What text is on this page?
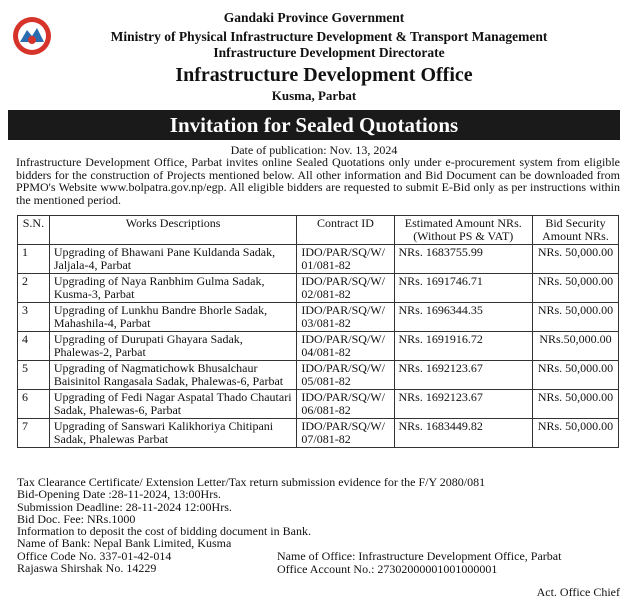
Gandaki Province Government
Ministry of Physical Infrastructure Development & Transport Management
Infrastructure Development Directorate
Infrastructure Development Office
Kusma, Parbat
Invitation for Sealed Quotations
Date of publication: Nov. 13, 2024
Infrastructure Development Office, Parbat invites online Sealed Quotations only under e-procurement system from eligible bidders for the construction of Projects mentioned below. All other information and Bid Document can be downloaded from PPMO's Website www.bolpatra.gov.np/egp. All eligible bidders are requested to submit E-Bid only as per instructions within the mentioned period.
S.N.	Works Descriptions	Contract ID	Estimated Amount NRs. (Without PS & VAT)	Bid Security Amount NRs.
1	Upgrading of Bhawani Pane Kuldanda Sadak, Jaljala-4, Parbat	IDO/PAR/SQ/W/ 01/081-82	NRs. 1683755.99	NRs. 50,000.00
2	Upgrading of Naya Ranbhim Gulma Sadak, Kusma-3, Parbat	IDO/PAR/SQ/W/ 02/081-82	NRs. 1691746.71	NRs. 50,000.00
3	Upgrading of Lunkhu Bandre Bhorle Sadak, Mahashila-4, Parbat	IDO/PAR/SQ/W/ 03/081-82	NRs. 1696344.35	NRs. 50,000.00
4	Upgrading of Durupati Ghayara Sadak, Phalewas-2, Parbat	IDO/PAR/SQ/W/ 04/081-82	NRs. 1691916.72	NRs.50,000.00
5	Upgrading of Nagmatichowk Bhusalchaur Baisinitol Rangasala Sadak, Phalewas-6, Parbat	IDO/PAR/SQ/W/ 05/081-82	NRs. 1692123.67	NRs. 50,000.00
6	Upgrading of Fedi Nagar Aspatal Thado Chautari Sadak, Phalewas-6, Parbat	IDO/PAR/SQ/W/ 06/081-82	NRs. 1692123.67	NRs. 50,000.00
7	Upgrading of Sanswari Kalikhoriya Chitipani Sadak, Phalewas Parbat	IDO/PAR/SQ/W/ 07/081-82	NRs. 1683449.82	NRs. 50,000.00
Tax Clearance Certificate/ Extension Letter/Tax return submission evidence for the F/Y 2080/081
Bid-Opening Date :28-11-2024, 13:00Hrs.
Submission Deadline: 28-11-2024 12:00Hrs.
Bid Doc. Fee: NRs.1000
Information to deposit the cost of bidding document in Bank.
Name of Bank: Nepal Bank Limited, Kusma
Office Code No. 337-01-42-014
Rajaswa Shirshak No. 14229
Name of Office: Infrastructure Development Office, Parbat
Office Account No.: 27302000001001000001
Act. Office Chief
